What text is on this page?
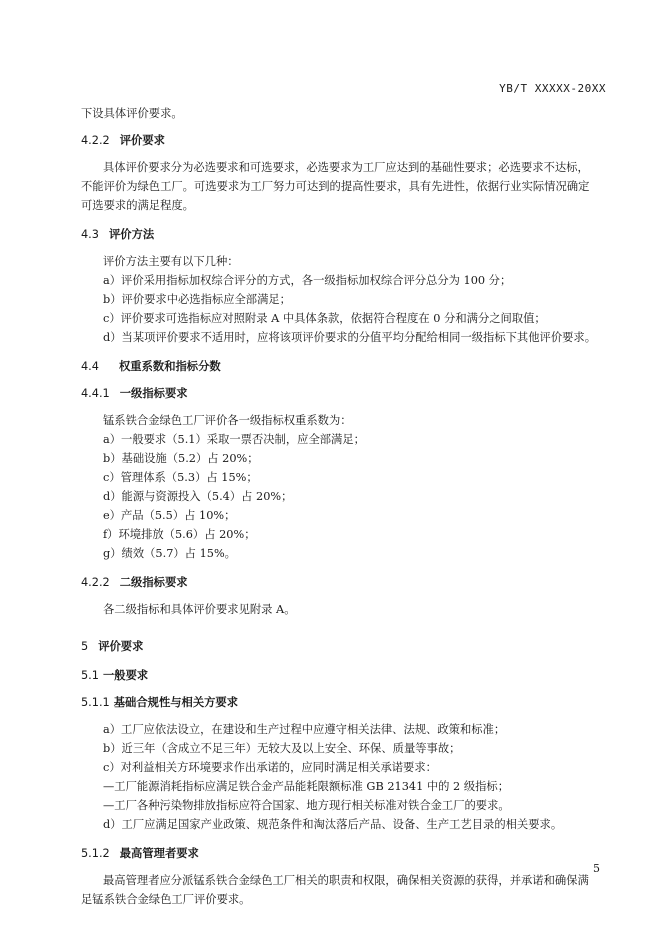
YB/T XXXXX-20XX
下设具体评价要求。
4.2.2 评价要求
具体评价要求分为必选要求和可选要求，必选要求为工厂应达到的基础性要求；必选要求不达标，
不能评价为绿色工厂。可选要求为工厂努力可达到的提高性要求，具有先进性，依据行业实际情况确定
可选要求的满足程度。
4.3 评价方法
评价方法主要有以下几种：
a）评价采用指标加权综合评分的方式，各一级指标加权综合评分总分为 100 分；
b）评价要求中必选指标应全部满足；
c）评价要求可选指标应对照附录 A 中具体条款，依据符合程度在 0 分和满分之间取值；
d）当某项评价要求不适用时，应将该项评价要求的分值平均分配给相同一级指标下其他评价要求。
4.4 权重系数和指标分数
4.4.1 一级指标要求
锰系铁合金绿色工厂评价各一级指标权重系数为：
a）一般要求（5.1）采取一票否决制，应全部满足；
b）基础设施（5.2）占 20%；
c）管理体系（5.3）占 15%；
d）能源与资源投入（5.4）占 20%；
e）产品（5.5）占 10%；
f）环境排放（5.6）占 20%；
g）绩效（5.7）占 15%。
4.2.2 二级指标要求
各二级指标和具体评价要求见附录 A。
5 评价要求
5.1 一般要求
5.1.1 基础合规性与相关方要求
a）工厂应依法设立，在建设和生产过程中应遵守相关法律、法规、政策和标准；
b）近三年（含成立不足三年）无较大及以上安全、环保、质量等事故；
c）对利益相关方环境要求作出承诺的，应同时满足相关承诺要求：
—工厂能源消耗指标应满足铁合金产品能耗限额标准 GB 21341 中的 2 级指标；
—工厂各种污染物排放指标应符合国家、地方现行相关标准对铁合金工厂的要求。
d）工厂应满足国家产业政策、规范条件和淘汰落后产品、设备、生产工艺目录的相关要求。
5.1.2 最高管理者要求
最高管理者应分派锰系铁合金绿色工厂相关的职责和权限，确保相关资源的获得，并承诺和确保满
足锰系铁合金绿色工厂评价要求。
5
